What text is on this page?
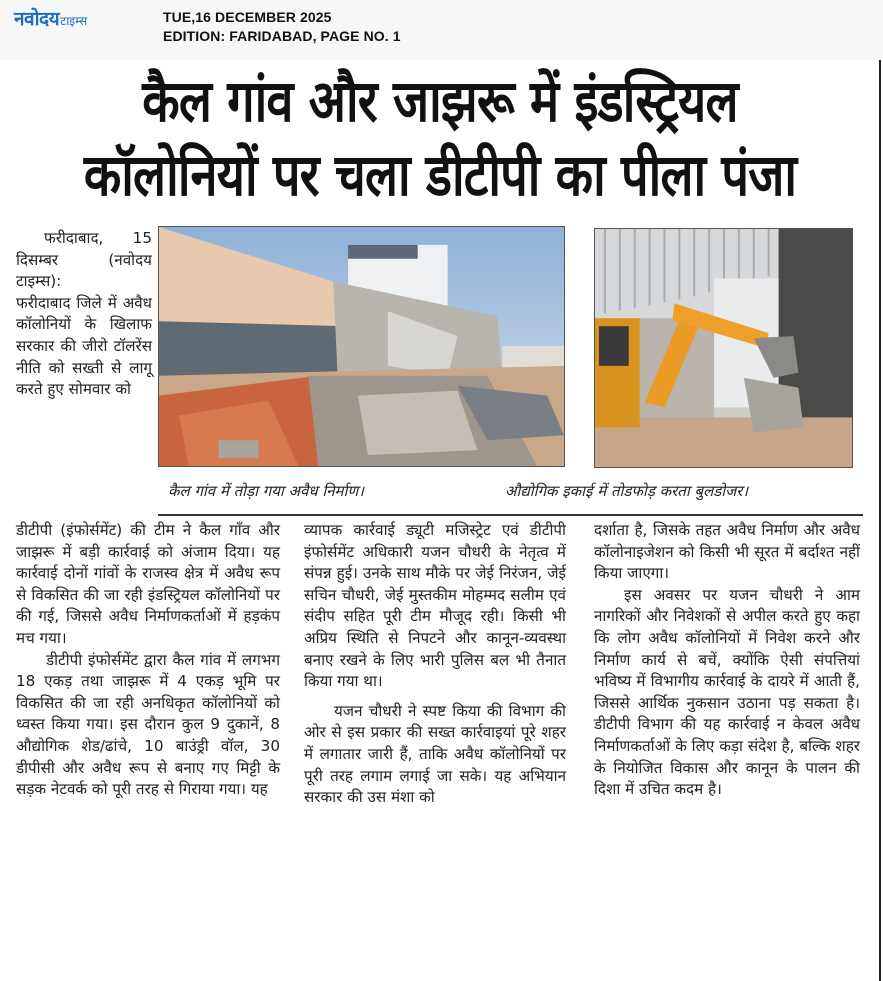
नवोदय टाइम्स	TUE,16 DECEMBER 2025
EDITION: FARIDABAD, PAGE NO. 1
कैल गांव और जाझरू में इंडस्ट्रियल
कॉलोनियों पर चला डीटीपी का पीला पंजा

फरीदाबाद, 15 दिसम्बर (नवोदय टाइम्स):

फरीदाबाद जिले में अवैध कॉलोनियों के खिलाफ सरकार की जीरो टॉलरेंस नीति को सख्ती से लागू करते हुए सोमवार को

कैल गांव में तोड़ा गया अवैध निर्माण।	औद्योगिक इकाई में तोडफोड़ करता बुलडोजर।

डीटीपी (इंफोर्समेंट) की टीम ने कैल गाँव और जाझरू में बड़ी कार्रवाई को अंजाम दिया। यह कार्रवाई दोनों गांवों के राजस्व क्षेत्र में अवैध रूप से विकसित की जा रही इंडस्ट्रियल कॉलोनियों पर की गई, जिससे अवैध निर्माणकर्ताओं में हड़कंप मच गया।

डीटीपी इंफोर्समेंट द्वारा कैल गांव में लगभग 18 एकड़ तथा जाझरू में 4 एकड़ भूमि पर विकसित की जा रही अनधिकृत कॉलोनियों को ध्वस्त किया गया। इस दौरान कुल 9 दुकानें, 8 औद्योगिक शेड/ढांचे, 10 बाउंड्री वॉल, 30 डीपीसी और अवैध रूप से बनाए गए मिट्टी के सड़क नेटवर्क को पूरी तरह से गिराया गया। यह

व्यापक कार्रवाई ड्यूटी मजिस्ट्रेट एवं डीटीपी इंफोर्समेंट अधिकारी यजन चौधरी के नेतृत्व में संपन्न हुई। उनके साथ मौके पर जेई निरंजन, जेई सचिन चौधरी, जेई मुस्तकीम मोहम्मद सलीम एवं संदीप सहित पूरी टीम मौजूद रही। किसी भी अप्रिय स्थिति से निपटने और कानून-व्यवस्था बनाए रखने के लिए भारी पुलिस बल भी तैनात किया गया था।

यजन चौधरी ने स्पष्ट किया की विभाग की ओर से इस प्रकार की सख्त कार्रवाइयां पूरे शहर में लगातार जारी हैं, ताकि अवैध कॉलोनियों पर पूरी तरह लगाम लगाई जा सके। यह अभियान सरकार की उस मंशा को

दर्शाता है, जिसके तहत अवैध निर्माण और अवैध कॉलोनाइजेशन को किसी भी सूरत में बर्दाश्त नहीं किया जाएगा।

इस अवसर पर यजन चौधरी ने आम नागरिकों और निवेशकों से अपील करते हुए कहा कि लोग अवैध कॉलोनियों में निवेश करने और निर्माण कार्य से बचें, क्योंकि ऐसी संपत्तियां भविष्य में विभागीय कार्रवाई के दायरे में आती हैं, जिससे आर्थिक नुकसान उठाना पड़ सकता है। डीटीपी विभाग की यह कार्रवाई न केवल अवैध निर्माणकर्ताओं के लिए कड़ा संदेश है, बल्कि शहर के नियोजित विकास और कानून के पालन की दिशा में उचित कदम है।
